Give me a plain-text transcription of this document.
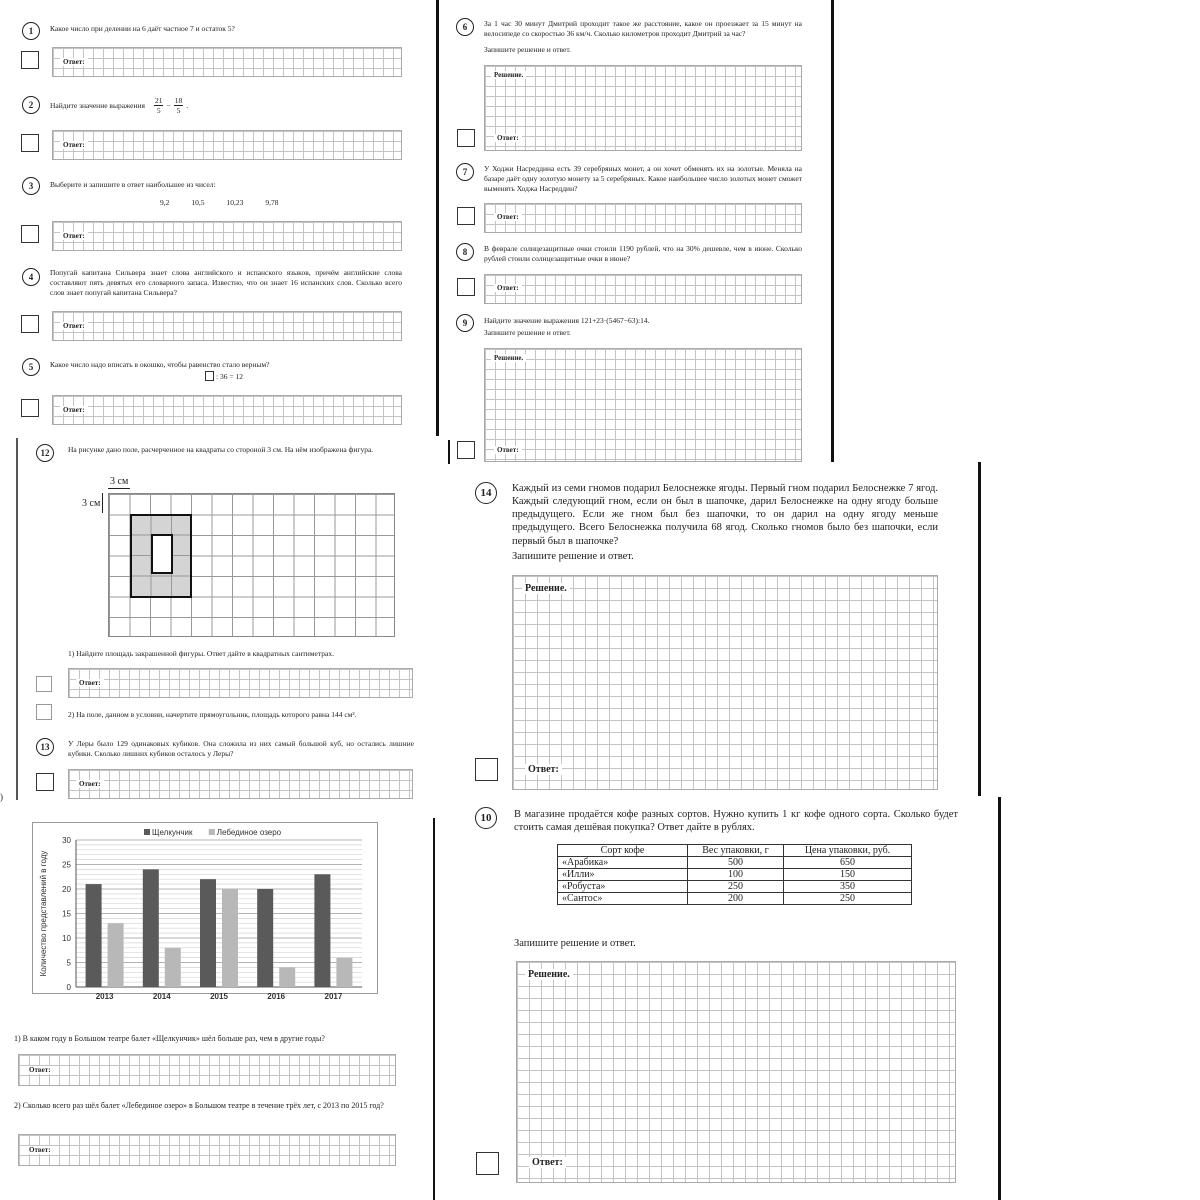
1	Какое число при делении на 6 даёт частное 7 и остаток 5?
Ответ:
2	Найдите значение выражения $\frac{21}{5} - \frac{18}{5}$ .
Ответ:
3	Выберите и запишите в ответ наибольшее из чисел:
9,2	10,5	10,23	9,78
Ответ:
4	Попугай капитана Сильвера знает слова английского и испанского языков, причём английские слова составляют пять девятых его словарного запаса. Известно, что он знает 16 испанских слов. Сколько всего слов знает попугай капитана Сильвера?
Ответ:
5	Какое число надо вписать в окошко, чтобы равенство стало верным?
: 36 = 12
Ответ:
6	За 1 час 30 минут Дмитрий проходит такое же расстояние, какое он проезжает за 15 минут на велосипеде со скоростью 36 км/ч. Сколько километров проходит Дмитрий за час?
Запишите решение и ответ.
Решение.
Ответ:
7	У Ходжи Насреддина есть 39 серебряных монет, а он хочет обменять их на золотые. Меняла на базаре даёт одну золотую монету за 5 серебряных. Какое наибольшее число золотых монет сможет выменять Ходжа Насреддин?
Ответ:
8	В феврале солнцезащитные очки стоили 1190 рублей, что на 30% дешевле, чем в июне. Сколько рублей стоили солнцезащитные очки в июне?
Ответ:
9	Найдите значение выражения 121+23·(5467−63):14.
Запишите решение и ответ.
Решение.
Ответ:
12	На рисунке дано поле, расчерченное на квадраты со стороной 3 см. На нём изображена фигура.
3 см
3 см
1) Найдите площадь закрашенной фигуры. Ответ дайте в квадратных сантиметрах.
Ответ:
2) На поле, данном в условии, начертите прямоугольник, площадь которого равна 144 см².
13	У Леры было 129 одинаковых кубиков. Она сложила из них самый большой куб, но остались лишние кубики. Сколько лишних кубиков осталось у Леры?
Ответ:
14	Каждый из семи гномов подарил Белоснежке ягоды. Первый гном подарил Белоснежке 7 ягод. Каждый следующий гном, если он был в шапочке, дарил Белоснежке на одну ягоду больше предыдущего. Если же гном был без шапочки, то он дарил на одну ягоду меньше предыдущего. Всего Белоснежка получила 68 ягод. Сколько гномов было без шапочки, если первый был в шапочке?
Запишите решение и ответ.
Решение.
Ответ:
0
5
10
15
20
25
30
2013	2014	2015	2016	2017
Количество представлений в году
Щелкунчик	Лебединое озеро
1) В каком году в Большом театре балет «Щелкунчик» шёл больше раз, чем в другие годы?
Ответ:
2) Сколько всего раз шёл балет «Лебединое озеро» в Большом театре в течение трёх лет, с 2013 по 2015 год?
Ответ:
)
10	В магазине продаётся кофе разных сортов. Нужно купить 1 кг кофе одного сорта. Сколько будет стоить самая дешёвая покупка? Ответ дайте в рублях.
Сорт кофе	Вес упаковки, г	Цена упаковки, руб.
«Арабика»	500	650
«Илли»	100	150
«Робуста»	250	350
«Сантос»	200	250
Запишите решение и ответ.
Решение.
Ответ:
